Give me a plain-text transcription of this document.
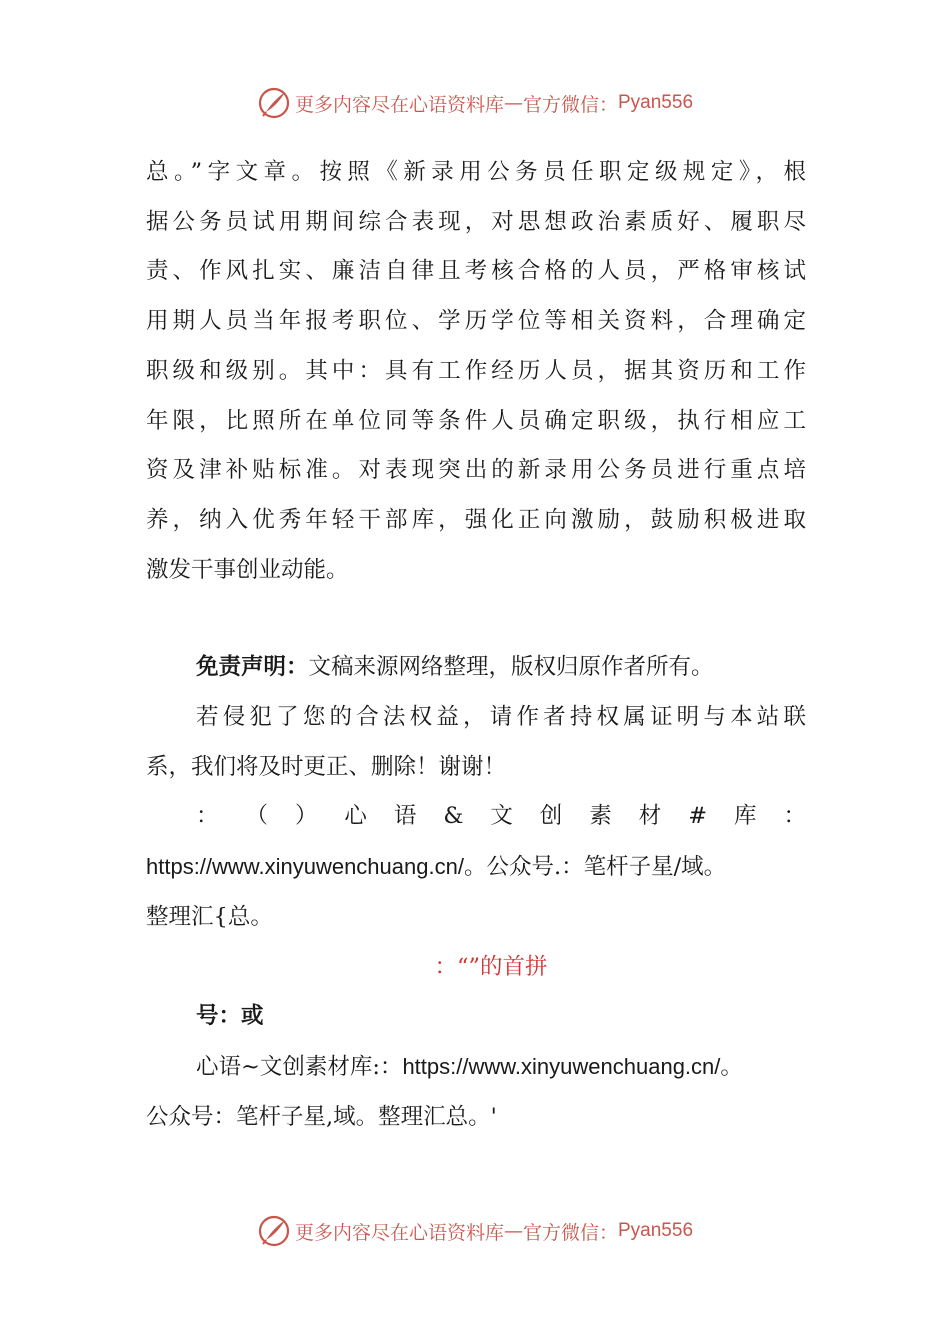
更多内容尽在心语资料库 — 官方微信： Pyan556

总。”字文章。按照《新录用公务员任职定级规定》，根

据公务员试用期间综合表现，对思想政治素质好、履职尽

责、作风扎实、廉洁自律且考核合格的人员，严格审核试

用期人员当年报考职位、学历学位等相关资料，合理确定

职级和级别。其中：具有工作经历人员，据其资历和工作

年限，比照所在单位同等条件人员确定职级，执行相应工

资及津补贴标准。对表现突出的新录用公务员进行重点培

养，纳入优秀年轻干部库，强化正向激励，鼓励积极进取

激发干事创业动能。

免责声明：文稿来源网络整理，版权归原作者所有。

若侵犯了您的合法权益，请作者持权属证明与本站联

系，我们将及时更正、删除！谢谢！

： （ ） 心 语 & 文 创 素 材 # 库 ：

https://www.xinyuwenchuang.cn/。公众号.：笔杆子星/域。

整理汇{总。

：“”的首拼

号：或

心语~文创素材库:：https://www.xinyuwenchuang.cn/。

公众号：笔杆子星,域。整理汇总。'

更多内容尽在心语资料库 — 官方微信： Pyan556
